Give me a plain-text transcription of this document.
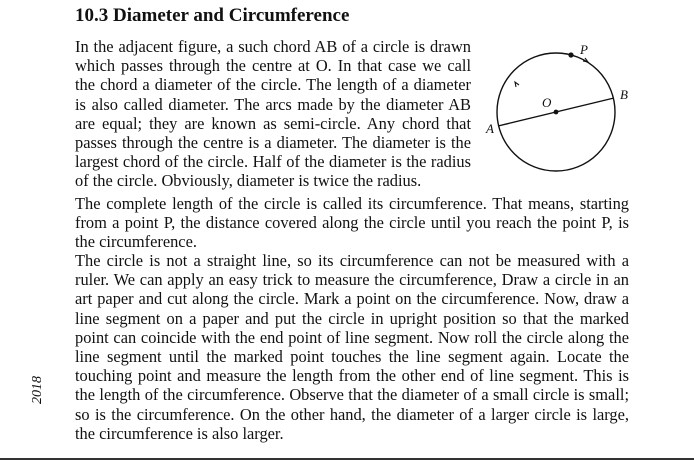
10.3 Diameter and Circumference

In the adjacent figure, a such chord AB of a circle is drawn which passes through the centre at O. In that case we call the chord a diameter of the circle. The length of a diameter is also called diameter. The arcs made by the diameter AB are equal; they are known as semi-circle. Any chord that passes through the centre is a diameter. The diameter is the largest chord of the circle. Half of the diameter is the radius of the circle. Obviously, diameter is twice the radius.

P
O
A
B

The complete length of the circle is called its circumference. That means, starting from a point P, the distance covered along the circle until you reach the point P, is the circumference.

The circle is not a straight line, so its circumference can not be measured with a ruler. We can apply an easy trick to measure the circumference, Draw a circle in an art paper and cut along the circle. Mark a point on the circumference. Now, draw a line segment on a paper and put the circle in upright position so that the marked point can coincide with the end point of line segment. Now roll the circle along the line segment until the marked point touches the line segment again. Locate the touching point and measure the length from the other end of line segment. This is the length of the circumference. Observe that the diameter of a small circle is small; so is the circumference. On the other hand, the diameter of a larger circle is large, the circumference is also larger.

2018
